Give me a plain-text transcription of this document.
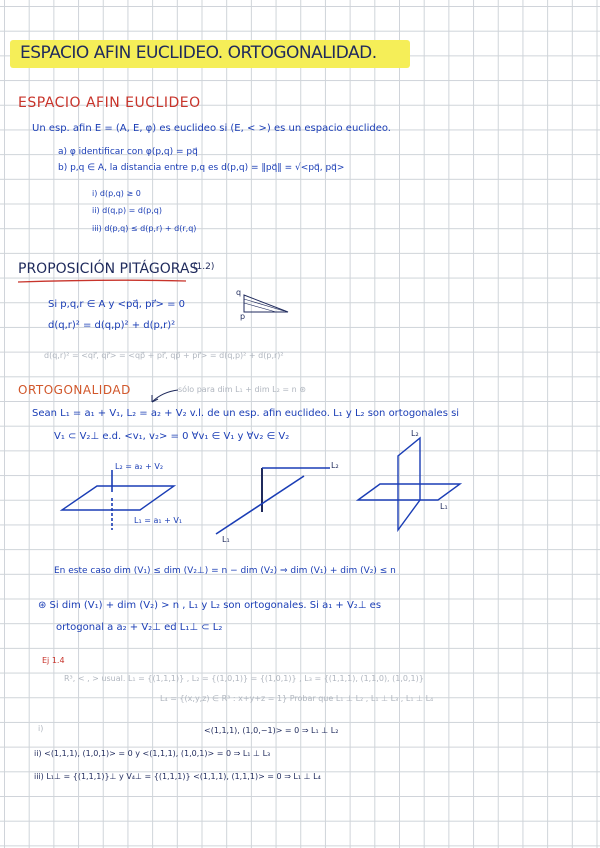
ESPACIO AFIN EUCLIDEO. ORTOGONALIDAD.
ESPACIO AFIN EUCLIDEO
Un esp. afin E = (A, E, φ) es euclideo si (E, < >) es un espacio euclideo.
a) φ identificar con φ(p,q) = pq⃗
b) p,q ∈ A, la distancia entre p,q es d(p,q) = ‖pq⃗‖ = √<pq⃗, pq⃗>
i) d(p,q) ≥ 0
ii) d(q,p) = d(p,q)
iii) d(p,q) ≤ d(p,r) + d(r,q)
PROPOSICIÓN PITÁGORAS
(1.2)
Si p,q,r ∈ A y <pq⃗, pr⃗> = 0
d(q,r)² = d(q,p)² + d(p,r)²
d(q,r)² = <qr⃗, qr⃗> = <qp⃗ + pr⃗, qp⃗ + pr⃗> = d(q,p)² + d(p,r)²
q
p
ORTOGONALIDAD	sólo para dim L₁ + dim L₂ = n ⊛
Sean L₁ = a₁ + V₁, L₂ = a₂ + V₂ v.l. de un esp. afin euclideo. L₁ y L₂ son ortogonales si
V₁ ⊂ V₂⊥ e.d. <v₁, v₂> = 0 ∀v₁ ∈ V₁ y ∀v₂ ∈ V₂
L₂ = a₂ + V₂
L₁ = a₁ + V₁
L₂
L₁
L₂
L₁
En este caso dim (V₁) ≤ dim (V₂⊥) = n − dim (V₂) ⇒ dim (V₁) + dim (V₂) ≤ n
⊛ Si dim (V₁) + dim (V₂) > n , L₁ y L₂ son ortogonales. Si a₁ + V₂⊥ es
ortogonal a a₂ + V₂⊥ ed L₁⊥ ⊂ L₂
Ej 1.4
R³, < , > usual. L₁ = {(1,1,1)} , L₂ = {(1,0,1)} = {(1,0,1)} , L₃ = {(1,1,1), (1,1,0), (1,0,1)}
L₄ = {(x,y,z) ∈ R³ : x+y+z = 1} Probar que L₁ ⊥ L₂ , L₁ ⊥ L₃ , L₁ ⊥ L₄
i)	<(1,1,1), (1,0,−1)> = 0 ⇒ L₁ ⊥ L₂
ii) <(1,1,1), (1,0,1)> = 0 y <(1,1,1), (1,0,1)> = 0 ⇒ L₁ ⊥ L₃
iii) L₁⊥ = {(1,1,1)}⊥ y V₄⊥ = {(1,1,1)} <(1,1,1), (1,1,1)> = 0 ⇒ L₁ ⊥ L₄
